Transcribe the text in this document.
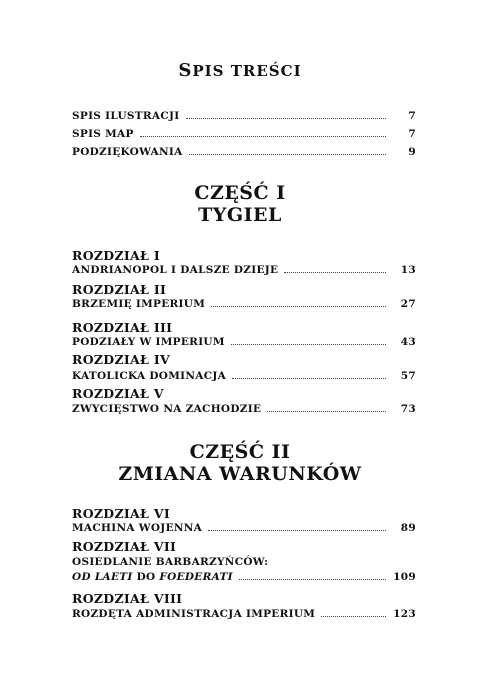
SPIS TREŚCI
SPIS ILUSTRACJI	7
SPIS MAP	7
PODZIĘKOWANIA	9
CZĘŚĆ I
TYGIEL
ROZDZIAŁ I
ANDRIANOPOL I DALSZE DZIEJE	13
ROZDZIAŁ II
BRZEMIĘ IMPERIUM	27
ROZDZIAŁ III
PODZIAŁY W IMPERIUM	43
ROZDZIAŁ IV
KATOLICKA DOMINACJA	57
ROZDZIAŁ V
ZWYCIĘSTWO NA ZACHODZIE	73
CZĘŚĆ II
ZMIANA WARUNKÓW
ROZDZIAŁ VI
MACHINA WOJENNA	89
ROZDZIAŁ VII
OSIEDLANIE BARBARZYŃCÓW:
OD LAETI DO FOEDERATI	109
ROZDZIAŁ VIII
ROZDĘTA ADMINISTRACJA IMPERIUM	123
